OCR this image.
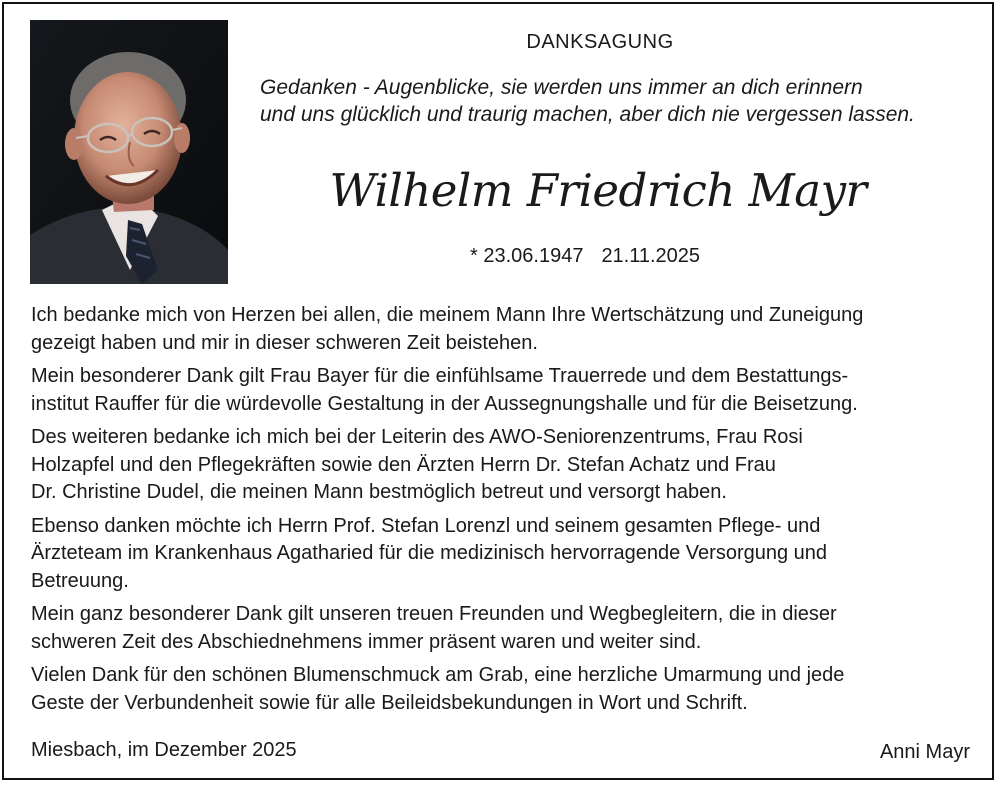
DANKSAGUNG
Gedanken - Augenblicke, sie werden uns immer an dich erinnern
und uns glücklich und traurig machen, aber dich nie vergessen lassen.
Wilhelm Friedrich Mayr
* 23.06.1947 21.11.2025
Ich bedanke mich von Herzen bei allen, die meinem Mann Ihre Wertschätzung und Zuneigung
gezeigt haben und mir in dieser schweren Zeit beistehen.
Mein besonderer Dank gilt Frau Bayer für die einfühlsame Trauerrede und dem Bestattungs-
institut Rauffer für die würdevolle Gestaltung in der Aussegnungshalle und für die Beisetzung.
Des weiteren bedanke ich mich bei der Leiterin des AWO-Seniorenzentrums, Frau Rosi
Holzapfel und den Pflegekräften sowie den Ärzten Herrn Dr. Stefan Achatz und Frau
Dr. Christine Dudel, die meinen Mann bestmöglich betreut und versorgt haben.
Ebenso danken möchte ich Herrn Prof. Stefan Lorenzl und seinem gesamten Pflege- und
Ärzteteam im Krankenhaus Agatharied für die medizinisch hervorragende Versorgung und
Betreuung.
Mein ganz besonderer Dank gilt unseren treuen Freunden und Wegbegleitern, die in dieser
schweren Zeit des Abschiednehmens immer präsent waren und weiter sind.
Vielen Dank für den schönen Blumenschmuck am Grab, eine herzliche Umarmung und jede
Geste der Verbundenheit sowie für alle Beileidsbekundungen in Wort und Schrift.
Miesbach, im Dezember 2025	Anni Mayr
